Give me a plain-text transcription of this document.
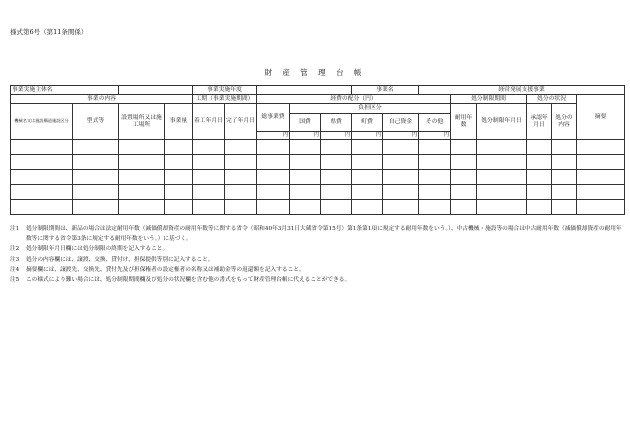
様式第6号（第11条関係）
財 産 管 理 台 帳
事業実施主体名				事業実施年度					事業名		経営発展支援事業					
事業の内容				工期（事業実施期間）		経費の配分（円）						処分制限期間		処分の状況		摘要
機械名又は施設構造施設区分	型式等	設置場所又は施工場所	事業量	着工年月日	完了年月日	総事業費	負担区分					耐用年数	処分制限年月日	承認年月日	処分の内容	
							国費	県費	町費	自己資金	その他					
						円	円	円	円	円	円					

注1	処分制限期間は、新品の場合は法定耐用年数（減価償却資産の耐用年数等に関する省令（昭和40年3月31日大蔵省令第15号）第1条第1項に規定する耐用年数をいう。）、中古機械・施設等の場合は中古耐用年数（減価償却資産の耐用年数等に関する省令第3条に規定する耐用年数をいう。）に基づく。
注2	処分制限年月日欄には処分制限の終期を記入すること。
注3	処分の内容欄には、譲渡、交換、貸付け、担保提供等別に記入すること。
注4	摘要欄には、譲渡先、交換先、貸付先及び担保権者の設定権者の名称又は補助金等の返還額を記入すること。
注5	この様式により難い場合には、処分制限期間欄及び処分の状況欄を含む他の書式をもって財産管理台帳に代えることができる。
